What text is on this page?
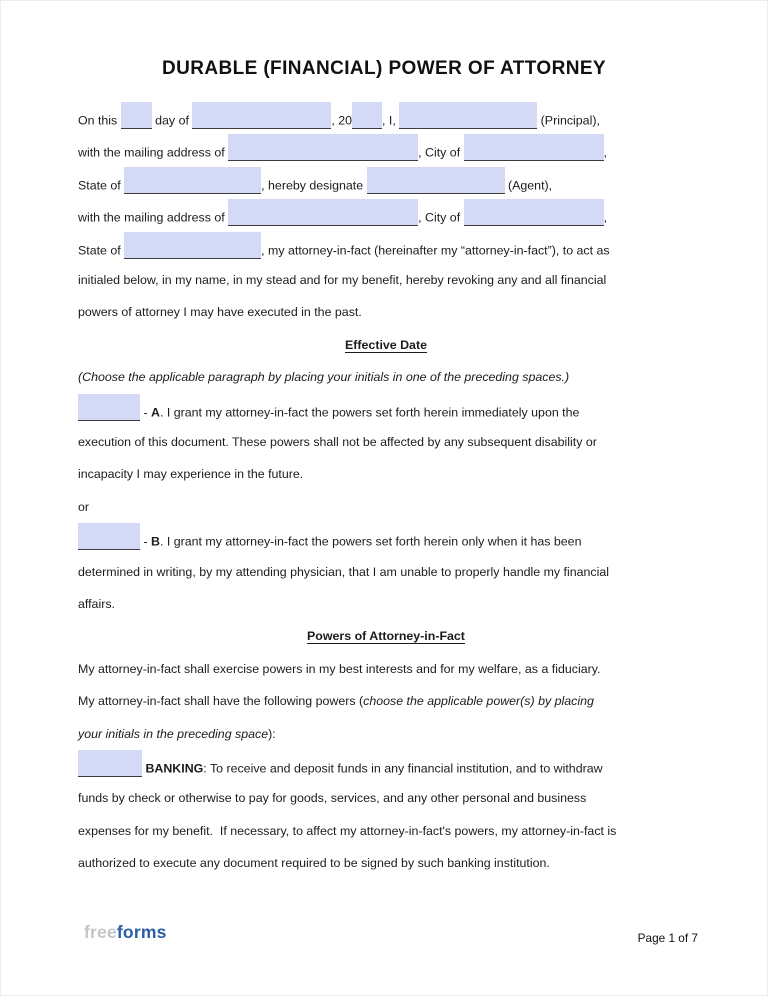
DURABLE (FINANCIAL) POWER OF ATTORNEY
On this	day of	, 20 , I,	(Principal),
with the mailing address of	, City of	,
State of	, hereby designate	(Agent),
with the mailing address of	, City of	,
State of	, my attorney-in-fact (hereinafter my “attorney-in-fact”), to act as
initialed below, in my name, in my stead and for my benefit, hereby revoking any and all financial
powers of attorney I may have executed in the past.
Effective Date
(Choose the applicable paragraph by placing your initials in one of the preceding spaces.)
- A. I grant my attorney-in-fact the powers set forth herein immediately upon the
execution of this document. These powers shall not be affected by any subsequent disability or
incapacity I may experience in the future.
or
- B. I grant my attorney-in-fact the powers set forth herein only when it has been
determined in writing, by my attending physician, that I am unable to properly handle my financial
affairs.
Powers of Attorney-in-Fact
My attorney-in-fact shall exercise powers in my best interests and for my welfare, as a fiduciary.
My attorney-in-fact shall have the following powers (choose the applicable power(s) by placing
your initials in the preceding space):
BANKING: To receive and deposit funds in any financial institution, and to withdraw
funds by check or otherwise to pay for goods, services, and any other personal and business
expenses for my benefit.  If necessary, to affect my attorney-in-fact's powers, my attorney-in-fact is
authorized to execute any document required to be signed by such banking institution.
freeforms	Page 1 of 7
